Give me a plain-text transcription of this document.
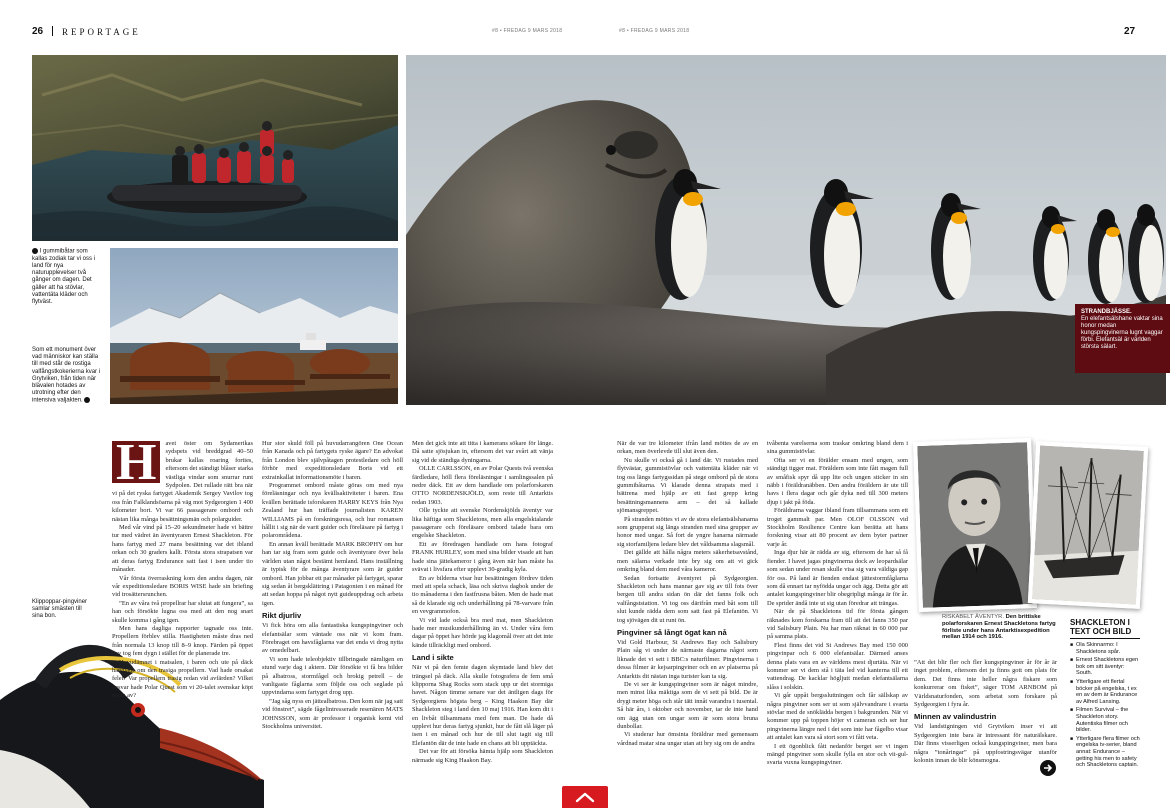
26 REPORTAGE	#8 • FREDAG 9 MARS 2018	#8 • FREDAG 9 MARS 2018	27
STRANDBJÄSSE.
En elefantsälshane vaktar sina honor medan kungspingvinerna lugnt vaggar förbi. Elefantsäl är världen största sälart.
I gummibåtar som kallas zodiak tar vi oss i land för nya naturupplevelser två gånger om dagen. Det gäller att ha stövlar, vattentäta kläder och flytväst.
Som ett monument över vad människor kan ställa till med står de rostiga valfångstkokerierna kvar i Grytviken, från tiden när blävalen hotades av utrotning efter den intensiva valjakten.
Klippoppar-pingviner samlar smästen till sina bon.
H	avet öster om Sydamerikas sydspets vid breddgrad 40–50 brukar kallas roaring forties, eftersom det ständigt blåser starka västliga vindar som snurrar runt Sydpolen. Det rullade rätt bra när vi på det ryska fartyget Akademik Sergey Vavilov tog oss från Falklandsöarna på väg mot Sydgeorgien 1 400 kilometer bort. Vi var 66 passagerare ombord och nästan lika många besättningsmän och polarguider.

Med vår vind på 15–20 sekundmeter hade vi bättre tur med vädret än äventyraren Ernest Shackleton. För hans fartyg med 27 mans besättning var det ibland orkan och 30 graders kallt. Första stora strapatsen var att deras fartyg Endurance satt fast i isen under tio månader.

Vår första överraskning kom den andra dagen, när vår expeditionsledare BORIS WISE hade sin briefing vid trosättersrunchen.

”En av våra två propellrar har slutat att fungera”, sa han och försökte lugna oss med att den nog snart skulle komma i gång igen.

Men hans dagliga rapporter tagnade oss inte. Propellern förblev stilla. Hastigheten måste dras ned från normala 13 knop till 8–9 knop. Färden på öppet hav tog fem dygn i stället för de planerade tre.

Huvudämnet i matsalen, i baren och ute på däck handlade om den trasiga propellern. Vad hade orsakat felet? Var propellern trasig redan vid avfärden? Vilket ansvar hade Polar Quest som vi 20-talet svenskar köpt resan av?

Hur stor skuld föll på huvudarrangören One Ocean från Kanada och på fartygets ryske ägare? En advokat från London blev självpåtagen protestledare och höll förhör med expeditionsledare Boris vid ett extrainkallat informationsmöte i baren.

Programmet ombord måste göras om med nya föreläsningar och nya kvällsaktiviteter i baren. Ena kvällen berättade isforskaren HARRY KEYS från Nya Zealand hur han träffade journalisten KAREN WILLIAMS på en forskningsresa, och hur romansen hållit i sig när de varit guider och föreläsare på fartyg i polarområdena.

En annan kväll berättade MARK BROPHY om hur han tar sig fram som guide och äventyrare över hela världen utan något bestämt hemland. Hans inställning är typisk för de många äventyrare som är guider ombord. Han jobbar ett par månader på fartyget, sparar sig sedan åt bergsklättring i Patagonien i en månad för att sedan hoppa på något nytt guideuppdrag och arbeta igen.

Rikt djurliv

Vi fick höra om alla fantastiska kungspingviner och elefantsälar som väntade oss när vi kom fram. Förebraget om havsfåglarna var det enda vi drog nytta av omedelbart.

Vi som hade teleobjektiv tillbringade nämligen en stund varje dag i aktern. Där försökte vi få bra bilder på albatross, stormfågel och brokig petrell – de vanligaste fåglarna som följde oss och seglade på uppvindarna som fartyget drog upp.

”Jag såg nyss en jättealbatross. Den kom när jag satt vid fönstret”, sägde fågelintresserade resenären MATS JOHNSSON, som är professor i organisk kemi vid Stockholms universitet.

Men det gick inte att titta i kamerans sökare för länge. Då satte sjösjukan in, eftersom det var svårt att vänja sig vid de ständiga dyningarna.

OLLE CARLSSON, en av Polar Quests två svenska färdledare, höll flera föreläsningar i samlingssalen på nedre däck. Ett av dem handlade om polarforskaren OTTO NORDENSKJÖLD, som reste till Antarktis redan 1903.

Olle tyckte att svenske Nordenskjölds äventyr var lika häftiga som Shackletons, men alla engelsktalande passagerare och föreläsare ombord talade bara om engelske Shackleton.

Ett av föredragen handlade om hans fotograf FRANK HURLEY, som med sina bilder visade att han hade sina jättekameror i gång även när han måste ha svävat i livsfara efter upplevt 30-gradig kyla.

En av bilderna visar hur besättningen fördrev tiden med att spela schack, läsa och skriva dagbok under de tio månaderna i den fastfrusna båten. Men de hade mat så de klarade sig och underhållning på 78-varvare från en vevgrammofon.

Vi vid lade också bra med mat, men Shackleton hade mer musikunderhållning än vi. Under våra fem dagar på öppet hav hörde jag klagomål över att det inte kände tillräckligt med ombord.

Land i sikte

När vi på den femte dagen skymtade land blev det trängsel på däck. Alla skulle fotografera de fem små klipporna Shag Rocks som stack upp ur det stormiga havet. Någon timme senare var det äntligen dags för Sydgeorgiens högsta berg – King Haakon Bay där Shackleton steg i land den 10 maj 1916. Han kom dit i en livbåt tillsammans med fem man. De hade då upplevt hur deras fartyg sjunkit, hur de fått slå läger på isen i en månad och hur de till slut tagit sig till Elefantön där de inte hade en chans att bli upptäckta.

Det var för att försöka hämta hjälp som Shackleton närmade sig King Haakon Bay.

När de var tre kilometer ifrån land möttes de av en orkan, men överlevde till slut även den.

Nu skulle vi också gå i land där. Vi rustades med flytvästar, gummistövlar och vattentäta kläder när vi tog oss längs fartygssidan på stege ombord på de stora gummibåtarna. Vi klarade denna strapats med i bättrena med hjälp av ett fast grepp kring besättningsmannens arm – det så kallade sjömansgreppet.

På stranden möttes vi av de stora elefantsälshanarna som grupperat sig längs stranden med sina grupper av honor med ungar. Så fort de yngre hanarna närmade sig storfamiljens ledare blev det våldsamma slagsmål.

Det gällde att hålla några meters säkerhetsavstånd, men sälarna verkade inte bry sig om att vi gick omkring bland dem med våra kameror.

Sedan fortsatte äventyret på Sydgeorgien. Shackleton och hans mannar gav sig av till fots över bergen till andra sidan ön där det fanns folk och valfångststation. Vi tog oss därifrån med båt som till slut kunde rädda dem som satt fast på Elefantön. Vi tog sjövägen dit ut runt ön.

Pingviner så långt ögat kan nå

Vid Gold Harbour, St Andrews Bay och Salisbury Plain såg vi under de närmaste dagarna något som liknade det vi sett i BBC:s naturfilmer. Pingvinerna i dessa filmer är kejsarpingviner och en av platserna på Antarktis dit nästan inga turister kan ta sig.

De vi ser är kungspingviner som är något mindre, men minst lika mäktiga som de vi sett på bild. De är drygt meter höga och står tätt innåt varandra i tusental. Så här års, i oktober och november, tar de inte hand om ägg utan om ungar som är som stora bruna dunbollar.

Vi studerar hur ömsinta föräldrar med gemensam vårdnad matar sina ungar utan att bry sig om de andra

tvåbenta varelserna som traskar omkring bland dem i sina gummistövlar.

Ofta ser vi en förälder ensam med ungen, som ständigt tigger mat. Föräldern som inte fått magen full av småfisk spyr då upp lite och ungen sticker in sin näbb i föräldranäbben. Den andra föräldern är ute till havs i flera dagar och går dyka ned till 300 meters djup i jakt på föda.

Föräldrarna vaggar ibland fram tillsammans som ett troget gammalt par. Men OLOF OLSSON vid Stockholm Resilience Centre kan berätta att hans forskning visar att 80 procent av dem byter partner varje år.

Inga djur här är rädda av sig, eftersom de har så få fiender. I havet jagas pingvinerna dock av leopardsälar som sedan under resan skulle visa sig vara väldiga gap för oss. På land är fienden endast jättestormfåglarna som då ennart tar nyfödda ungar och ägg. Detta gör att antalet kungspingviner blir obegripligt många är för år. De sprider ändå inte ut sig utan föredrar att trängas.

När de på Shackletons tid för första gången räknades kom forskarna fram till att det fanns 350 par vid Salisbury Plain. Nu har man räknat in 60 000 par på samma plats.

Flest finns det vid St Andrews Bay med 150 000 pingvinpar och 6 000 elefantsälar. Därmed anses denna plats vara en av världens mest djurtäta. När vi kommer ser vi dem stå i täta led vid kanterna till ett vattendrag. De kacklar högljutt medan elefantsälarna slåss i solskin.

Vi går uppåt bergssluttningen och får sällskap av några pingviner som ser ut som självvandrare i svarta stövlar med de snöklädda bergen i bakgrunden. När vi kommer upp på toppen höjer vi cameran och ser hur pingvinerna längre ned i det som inte har fågelbo visar att antalet kan vara så stort som vi fått veta.

I ett ögonblick fått nedanför berget ser vi ingen mängd pingviner som skulle fylla en stor och vit-gul-svarta vuxna kungspingviner.

RISKABELT ÄVENTYR. Den brittiske polarforskaren Ernest Shackletons fartyg förliste under hans Antarktisexpedition mellan 1914 och 1916.

”Att det blir fler och fler kungspingviner år för år är inget problem, eftersom det ju finns gott om plats för dem. Det finns inte heller några fiskare som konkurrerar om fisket”, säger TOM ARNBOM på Världsnaturfonden, som arbetat som forskare på Sydgeorgien i fyra år.

Minnen av valindustrin

Vid landstigningen vid Grytviken inser vi att Sydgeorgien inte bara är intressant för naturälskare. Där finns visserligen också kungspingviner, men bara några ”tonåringar” på uppfostringsvägar utanför kolonin innan de blir könsmogna.

SHACKLETON I TEXT OCH BILD
■ Ola Skinnarmo: I Shackletons spår.
■ Ernest Shackletons egen bok om sitt äventyr: South.
■ Ytterligare ett flertal böcker på engelska, t ex en av dem är Endurance av Alfred Lansing.
■ Filmen Survival – the Shackleton story. Autentiska filmer och bilder.
■ Ytterligare flera filmer och engelska tv-serier, bland annat: Endurance – getting his men to safety och Shackletons captain.
